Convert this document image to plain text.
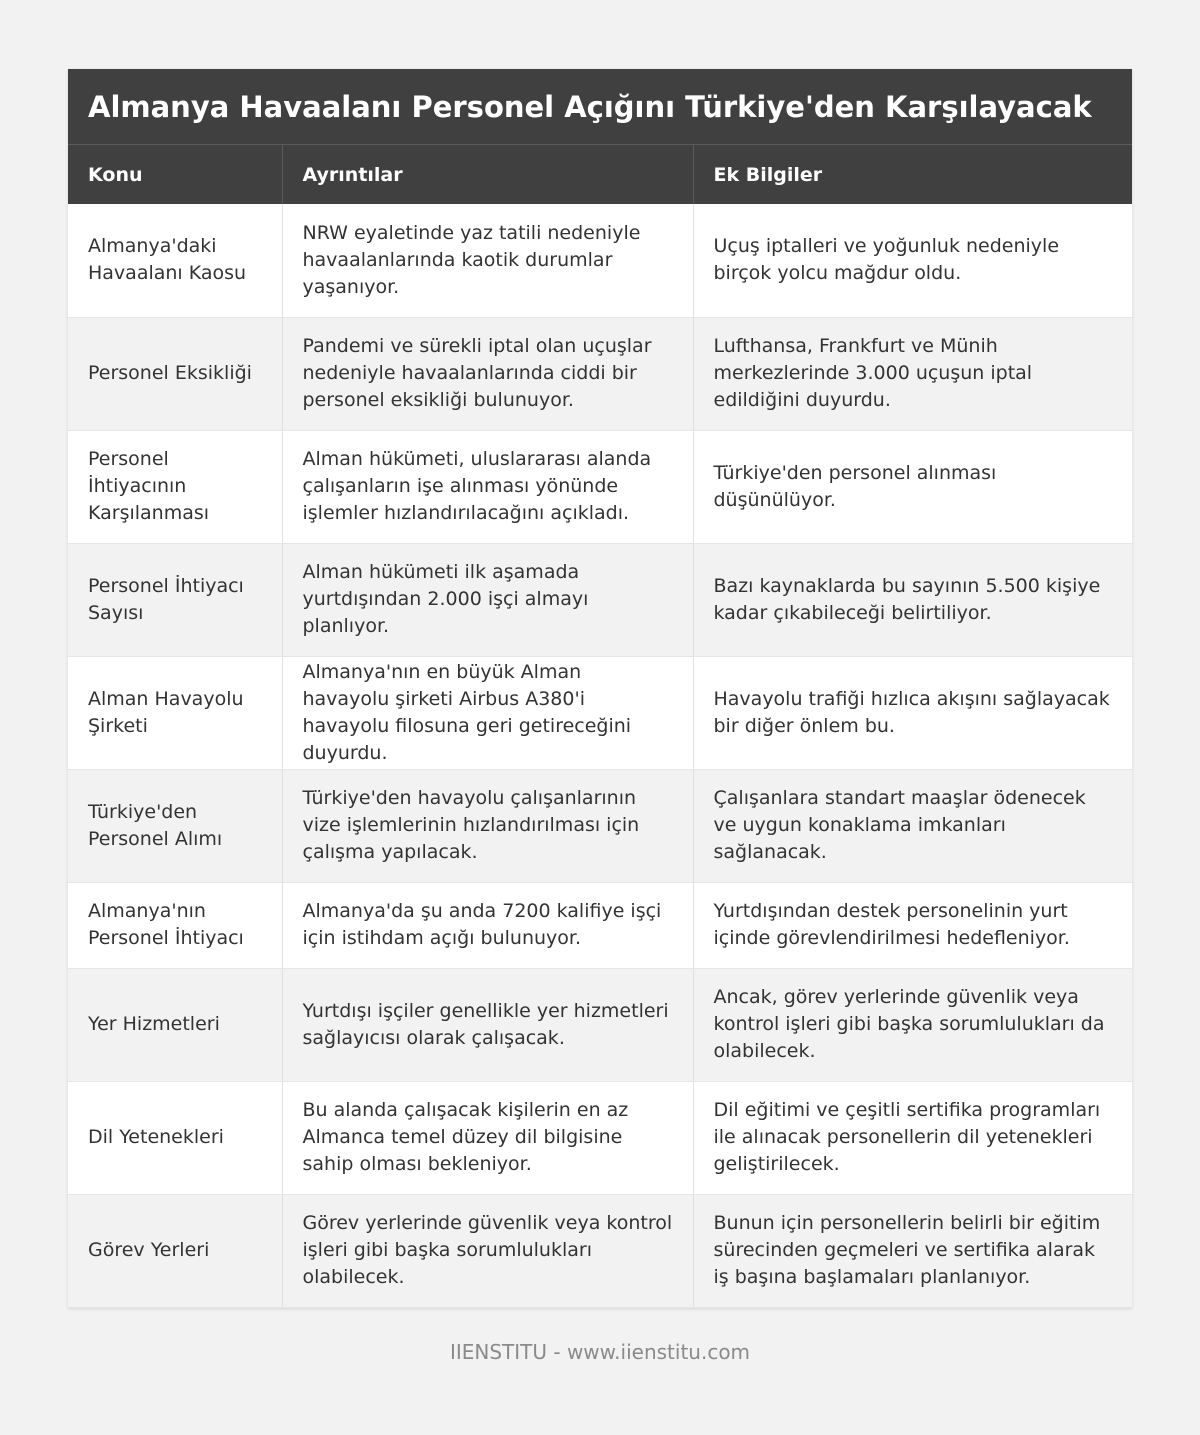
Almanya Havaalanı Personel Açığını Türkiye'den Karşılayacak
Konu	Ayrıntılar	Ek Bilgiler
Almanya'daki Havaalanı Kaosu	NRW eyaletinde yaz tatili nedeniyle havaalanlarında kaotik durumlar yaşanıyor.	Uçuş iptalleri ve yoğunluk nedeniyle birçok yolcu mağdur oldu.
Personel Eksikliği	Pandemi ve sürekli iptal olan uçuşlar nedeniyle havaalanlarında ciddi bir personel eksikliği bulunuyor.	Lufthansa, Frankfurt ve Münih merkezlerinde 3.000 uçuşun iptal edildiğini duyurdu.
Personel İhtiyacının Karşılanması	Alman hükümeti, uluslararası alanda çalışanların işe alınması yönünde işlemler hızlandırılacağını açıkladı.	Türkiye'den personel alınması düşünülüyor.
Personel İhtiyacı Sayısı	Alman hükümeti ilk aşamada yurtdışından 2.000 işçi almayı planlıyor.	Bazı kaynaklarda bu sayının 5.500 kişiye kadar çıkabileceği belirtiliyor.
Alman Havayolu Şirketi	Almanya'nın en büyük Alman havayolu şirketi Airbus A380'i havayolu filosuna geri getireceğini duyurdu.	Havayolu trafiği hızlıca akışını sağlayacak bir diğer önlem bu.
Türkiye'den Personel Alımı	Türkiye'den havayolu çalışanlarının vize işlemlerinin hızlandırılması için çalışma yapılacak.	Çalışanlara standart maaşlar ödenecek ve uygun konaklama imkanları sağlanacak.
Almanya'nın Personel İhtiyacı	Almanya'da şu anda 7200 kalifiye işçi için istihdam açığı bulunuyor.	Yurtdışından destek personelinin yurt içinde görevlendirilmesi hedefleniyor.
Yer Hizmetleri	Yurtdışı işçiler genellikle yer hizmetleri sağlayıcısı olarak çalışacak.	Ancak, görev yerlerinde güvenlik veya kontrol işleri gibi başka sorumlulukları da olabilecek.
Dil Yetenekleri	Bu alanda çalışacak kişilerin en az Almanca temel düzey dil bilgisine sahip olması bekleniyor.	Dil eğitimi ve çeşitli sertifika programları ile alınacak personellerin dil yetenekleri geliştirilecek.
Görev Yerleri	Görev yerlerinde güvenlik veya kontrol işleri gibi başka sorumlulukları olabilecek.	Bunun için personellerin belirli bir eğitim sürecinden geçmeleri ve sertifika alarak iş başına başlamaları planlanıyor.
IIENSTITU - www.iienstitu.com
